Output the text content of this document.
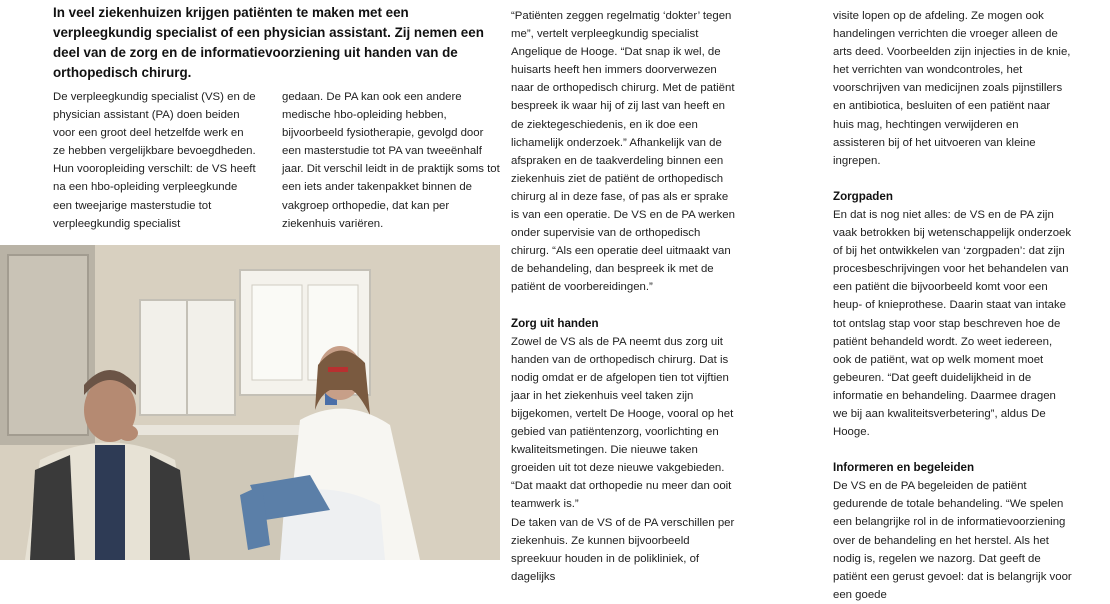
In veel ziekenhuizen krijgen patiënten te maken met een verpleegkundig specialist of een physician assistant. Zij nemen een deel van de zorg en de informatievoorziening uit handen van de orthopedisch chirurg.

De verpleegkundig specialist (VS) en de physician assistant (PA) doen beiden voor een groot deel hetzelfde werk en ze hebben vergelijkbare bevoegdheden. Hun vooropleiding verschilt: de VS heeft na een hbo-opleiding verpleegkunde een tweejarige masterstudie tot verpleegkundig specialist

gedaan. De PA kan ook een andere medische hbo-opleiding hebben, bijvoorbeeld fysiotherapie, gevolgd door een masterstudie tot PA van tweeënhalf jaar. Dit verschil leidt in de praktijk soms tot een iets ander takenpakket binnen de vakgroep orthopedie, dat kan per ziekenhuis variëren.

“Patiënten zeggen regelmatig ‘dokter’ tegen me”, vertelt verpleegkundig specialist Angelique de Hooge. “Dat snap ik wel, de huisarts heeft hen immers doorverwezen naar de orthopedisch chirurg. Met de patiënt bespreek ik waar hij of zij last van heeft en de ziektegeschiedenis, en ik doe een lichamelijk onderzoek.” Afhankelijk van de afspraken en de taakverdeling binnen een ziekenhuis ziet de patiënt de orthopedisch chirurg al in deze fase, of pas als er sprake is van een operatie. De VS en de PA werken onder supervisie van de orthopedisch chirurg. “Als een operatie deel uitmaakt van de behandeling, dan bespreek ik met de patiënt de voorbereidingen.”

Zorg uit handen

Zowel de VS als de PA neemt dus zorg uit handen van de orthopedisch chirurg. Dat is nodig omdat er de afgelopen tien tot vijftien jaar in het ziekenhuis veel taken zijn bijgekomen, vertelt De Hooge, vooral op het gebied van patiëntenzorg, voorlichting en kwaliteitsmetingen. Die nieuwe taken groeiden uit tot deze nieuwe vakgebieden. “Dat maakt dat orthopedie nu meer dan ooit teamwerk is.”

De taken van de VS of de PA verschillen per ziekenhuis. Ze kunnen bijvoorbeeld spreekuur houden in de polikliniek, of dagelijks

visite lopen op de afdeling. Ze mogen ook handelingen verrichten die vroeger alleen de arts deed. Voorbeelden zijn injecties in de knie, het verrichten van wondcontroles, het voorschrijven van medicijnen zoals pijnstillers en antibiotica, besluiten of een patiënt naar huis mag, hechtingen verwijderen en assisteren bij of het uitvoeren van kleine ingrepen.

Zorgpaden

En dat is nog niet alles: de VS en de PA zijn vaak betrokken bij wetenschappelijk onderzoek of bij het ontwikkelen van ‘zorgpaden’: dat zijn procesbeschrijvingen voor het behandelen van een patiënt die bijvoorbeeld komt voor een heup- of knieprothese. Daarin staat van intake tot ontslag stap voor stap beschreven hoe de patiënt behandeld wordt. Zo weet iedereen, ook de patiënt, wat op welk moment moet gebeuren. “Dat geeft duidelijkheid in de informatie en behandeling. Daarmee dragen we bij aan kwaliteitsverbetering”, aldus De Hooge.

Informeren en begeleiden

De VS en de PA begeleiden de patiënt gedurende de totale behandeling. “We spelen een belangrijke rol in de informatievoorziening over de behandeling en het herstel. Als het nodig is, regelen we nazorg. Dat geeft de patiënt een gerust gevoel: dat is belangrijk voor een goede
